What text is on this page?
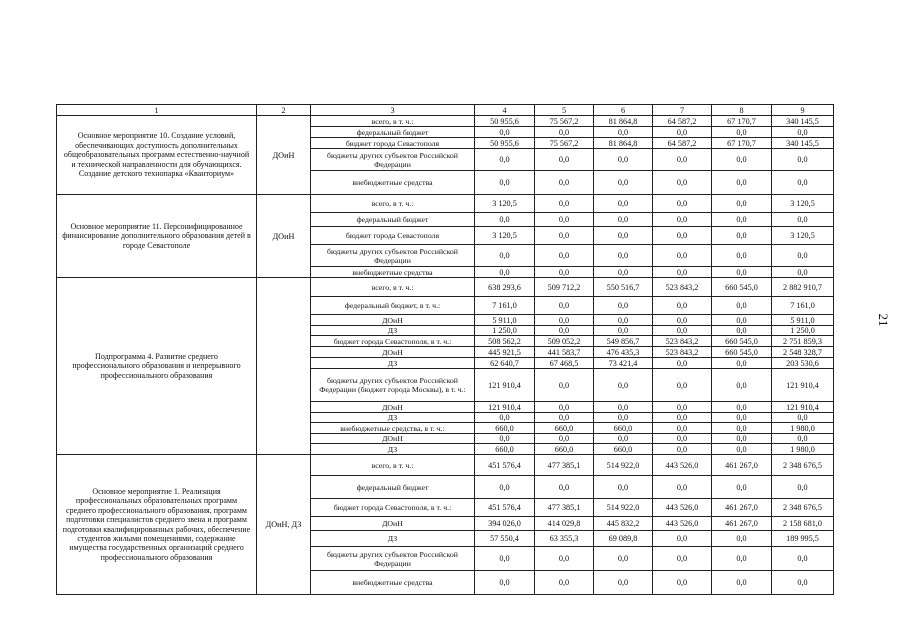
21
1	2	3	4	5	6	7	8	9
Основное мероприятие 10. Создание условий, обеспечивающих доступность дополнительных общеобразовательных программ естественно-научной и технической направленности для обучающихся. Создание детского технопарка «Кванториум»	ДОиН	всего, в т. ч.:	50 955,6	75 567,2	81 864,8	64 587,2	67 170,7	340 145,5
		федеральный бюджет	0,0	0,0	0,0	0,0	0,0	0,0
		бюджет города Севастополя	50 955,6	75 567,2	81 864,8	64 587,2	67 170,7	340 145,5
		бюджеты других субъектов Российской Федерации	0,0	0,0	0,0	0,0	0,0	0,0
		внебюджетные средства	0,0	0,0	0,0	0,0	0,0	0,0
Основное мероприятие 11. Персонифицированное финансирование дополнительного образования детей в городе Севастополе	ДОиН	всего, в т. ч.:	3 120,5	0,0	0,0	0,0	0,0	3 120,5
		федеральный бюджет	0,0	0,0	0,0	0,0	0,0	0,0
		бюджет города Севастополя	3 120,5	0,0	0,0	0,0	0,0	3 120,5
		бюджеты других субъектов Российской Федерации	0,0	0,0	0,0	0,0	0,0	0,0
		внебюджетные средства	0,0	0,0	0,0	0,0	0,0	0,0
Подпрограмма 4. Развитие среднего профессионального образования и непрерывного профессионального образования		всего, в т. ч.:	638 293,6	509 712,2	550 516,7	523 843,2	660 545,0	2 882 910,7
		федеральный бюджет, в т. ч.:	7 161,0	0,0	0,0	0,0	0,0	7 161,0
		ДОиН	5 911,0	0,0	0,0	0,0	0,0	5 911,0
		ДЗ	1 250,0	0,0	0,0	0,0	0,0	1 250,0
		бюджет города Севастополя, в т. ч.:	508 562,2	509 052,2	549 856,7	523 843,2	660 545,0	2 751 859,3
		ДОиН	445 921,5	441 583,7	476 435,3	523 843,2	660 545,0	2 548 328,7
		ДЗ	62 640,7	67 468,5	73 421,4	0,0	0,0	203 530,6
		бюджеты других субъектов Российской Федерации (бюджет города Москвы), в т. ч.:	121 910,4	0,0	0,0	0,0	0,0	121 910,4
		ДОиН	121 910,4	0,0	0,0	0,0	0,0	121 910,4
		ДЗ	0,0	0,0	0,0	0,0	0,0	0,0
		внебюджетные средства, в т. ч.:	660,0	660,0	660,0	0,0	0,0	1 980,0
		ДОиН	0,0	0,0	0,0	0,0	0,0	0,0
		ДЗ	660,0	660,0	660,0	0,0	0,0	1 980,0
Основное мероприятие 1. Реализация профессиональных образовательных программ среднего профессионального образования, программ подготовки специалистов среднего звена и программ подготовки квалифицированных рабочих, обеспечение студентов жилыми помещениями, содержание имущества государственных организаций среднего профессионального образования	ДОиН, ДЗ	всего, в т. ч.:	451 576,4	477 385,1	514 922,0	443 526,0	461 267,0	2 348 676,5
		федеральный бюджет	0,0	0,0	0,0	0,0	0,0	0,0
		бюджет города Севастополя, в т. ч.:	451 576,4	477 385,1	514 922,0	443 526,0	461 267,0	2 348 676,5
		ДОиН	394 026,0	414 029,8	445 832,2	443 526,0	461 267,0	2 158 681,0
		ДЗ	57 550,4	63 355,3	69 089,8	0,0	0,0	189 995,5
		бюджеты других субъектов Российской Федерации	0,0	0,0	0,0	0,0	0,0	0,0
		внебюджетные средства	0,0	0,0	0,0	0,0	0,0	0,0
